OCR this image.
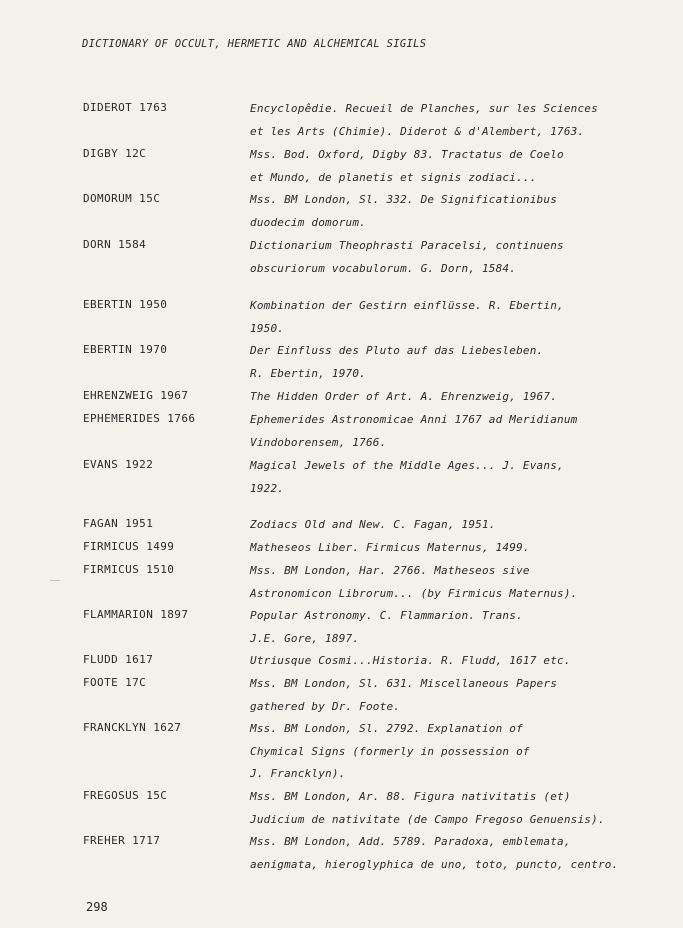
DICTIONARY OF OCCULT, HERMETIC AND ALCHEMICAL SIGILS
DIDEROT 1763	Encyclopêdie. Recueil de Planches, sur les Sciences
et les Arts (Chimie). Diderot & d'Alembert, 1763.
DIGBY 12C	Mss. Bod. Oxford, Digby 83. Tractatus de Coelo
et Mundo, de planetis et signis zodiaci...
DOMORUM 15C	Mss. BM London, Sl. 332. De Significationibus
duodecim domorum.
DORN 1584	Dictionarium Theophrasti Paracelsi, continuens
obscuriorum vocabulorum. G. Dorn, 1584.
EBERTIN 1950	Kombination der Gestirn einflüsse. R. Ebertin,
1950.
EBERTIN 1970	Der Einfluss des Pluto auf das Liebesleben.
R. Ebertin, 1970.
EHRENZWEIG 1967	The Hidden Order of Art. A. Ehrenzweig, 1967.
EPHEMERIDES 1766	Ephemerides Astronomicae Anni 1767 ad Meridianum
Vindoborensem, 1766.
EVANS 1922	Magical Jewels of the Middle Ages... J. Evans,
1922.
FAGAN 1951	Zodiacs Old and New. C. Fagan, 1951.
FIRMICUS 1499	Matheseos Liber. Firmicus Maternus, 1499.
FIRMICUS 1510	Mss. BM London, Har. 2766. Matheseos sive
Astronomicon Librorum... (by Firmicus Maternus).
FLAMMARION 1897	Popular Astronomy. C. Flammarion. Trans.
J.E. Gore, 1897.
FLUDD 1617	Utriusque Cosmi...Historia. R. Fludd, 1617 etc.
FOOTE 17C	Mss. BM London, Sl. 631. Miscellaneous Papers
gathered by Dr. Foote.
FRANCKLYN 1627	Mss. BM London, Sl. 2792. Explanation of
Chymical Signs (formerly in possession of
J. Francklyn).
FREGOSUS 15C	Mss. BM London, Ar. 88. Figura nativitatis (et)
Judicium de nativitate (de Campo Fregoso Genuensis).
FREHER 1717	Mss. BM London, Add. 5789. Paradoxa, emblemata,
aenigmata, hieroglyphica de uno, toto, puncto, centro.
298
